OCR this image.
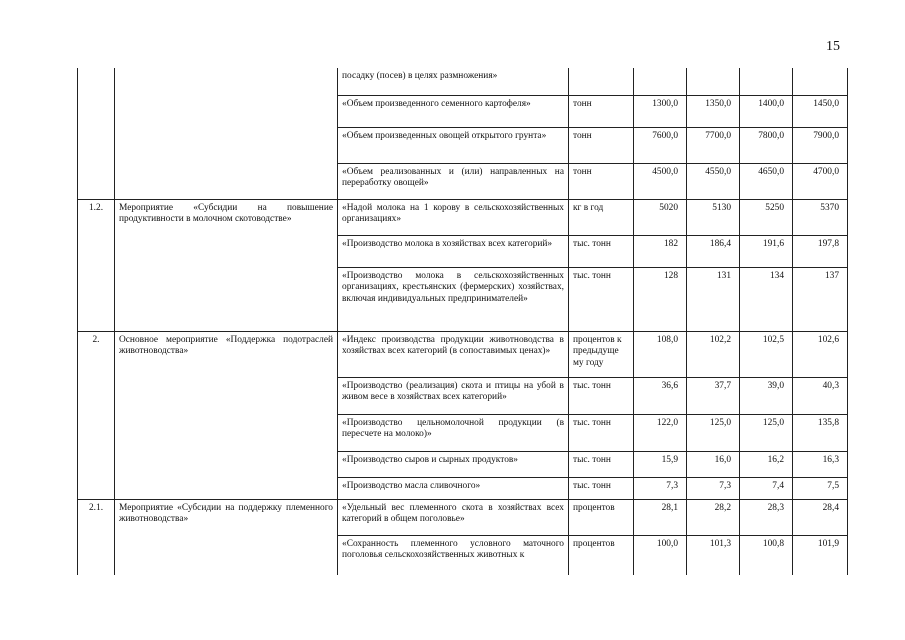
15
		посадку (посев) в целях размножения»					
		«Объем произведенного семенного картофеля»	тонн	1300,0	1350,0	1400,0	1450,0
		«Объем произведенных овощей открытого грунта»	тонн	7600,0	7700,0	7800,0	7900,0
		«Объем реализованных и (или) направленных на переработку овощей»	тонн	4500,0	4550,0	4650,0	4700,0
1.2.	Мероприятие «Субсидии на повышение продуктивности в молочном скотоводстве»	«Надой молока на 1 корову в сельскохозяйственных организациях»	кг в год	5020	5130	5250	5370
		«Производство молока в хозяйствах всех категорий»	тыс. тонн	182	186,4	191,6	197,8
		«Производство молока в сельскохозяйственных организациях, крестьянских (фермерских) хозяйствах, включая индивидуальных предпринимателей»	тыс. тонн	128	131	134	137
2.	Основное мероприятие «Поддержка подотраслей животноводства»	«Индекс производства продукции животноводства в хозяйствах всех категорий (в сопоставимых ценах)»	процентов к предыдуще му году	108,0	102,2	102,5	102,6
		«Производство (реализация) скота и птицы на убой в живом весе в хозяйствах всех категорий»	тыс. тонн	36,6	37,7	39,0	40,3
		«Производство цельномолочной продукции (в пересчете на молоко)»	тыс. тонн	122,0	125,0	125,0	135,8
		«Производство сыров и сырных продуктов»	тыс. тонн	15,9	16,0	16,2	16,3
		«Производство масла сливочного»	тыс. тонн	7,3	7,3	7,4	7,5
2.1.	Мероприятие «Субсидии на поддержку племенного животноводства»	«Удельный вес племенного скота в хозяйствах всех категорий в общем поголовье»	процентов	28,1	28,2	28,3	28,4
		«Сохранность племенного условного маточного поголовья сельскохозяйственных животных к	процентов	100,0	101,3	100,8	101,9
